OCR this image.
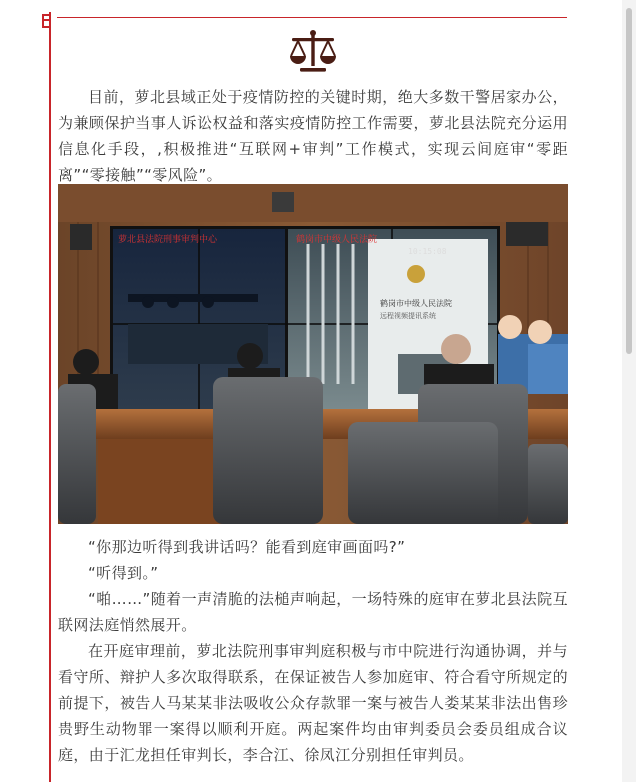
目前，萝北县域正处于疫情防控的关键时期，绝大多数干警居家办公，为兼顾保护当事人诉讼权益和落实疫情防控工作需要，萝北县法院充分运用信息化手段，,积极推进“互联网+审判”工作模式，实现云间庭审“零距离”“零接触”“零风险”。

萝北县法院刑事审判中心	鹤岗市中级人民法院
10:15:08
鹤岗市中级人民法院
远程视频提讯系统

“你那边听得到我讲话吗？能看到庭审画面吗?”

“听得到。”

“啪……”随着一声清脆的法槌声响起，一场特殊的庭审在萝北县法院互联网法庭悄然展开。

在开庭审理前，萝北法院刑事审判庭积极与市中院进行沟通协调，并与看守所、辩护人多次取得联系，在保证被告人参加庭审、符合看守所规定的前提下，被告人马某某非法吸收公众存款罪一案与被告人娄某某非法出售珍贵野生动物罪一案得以顺利开庭。两起案件均由审判委员会委员组成合议庭，由于汇龙担任审判长，李合江、徐凤江分别担任审判员。
